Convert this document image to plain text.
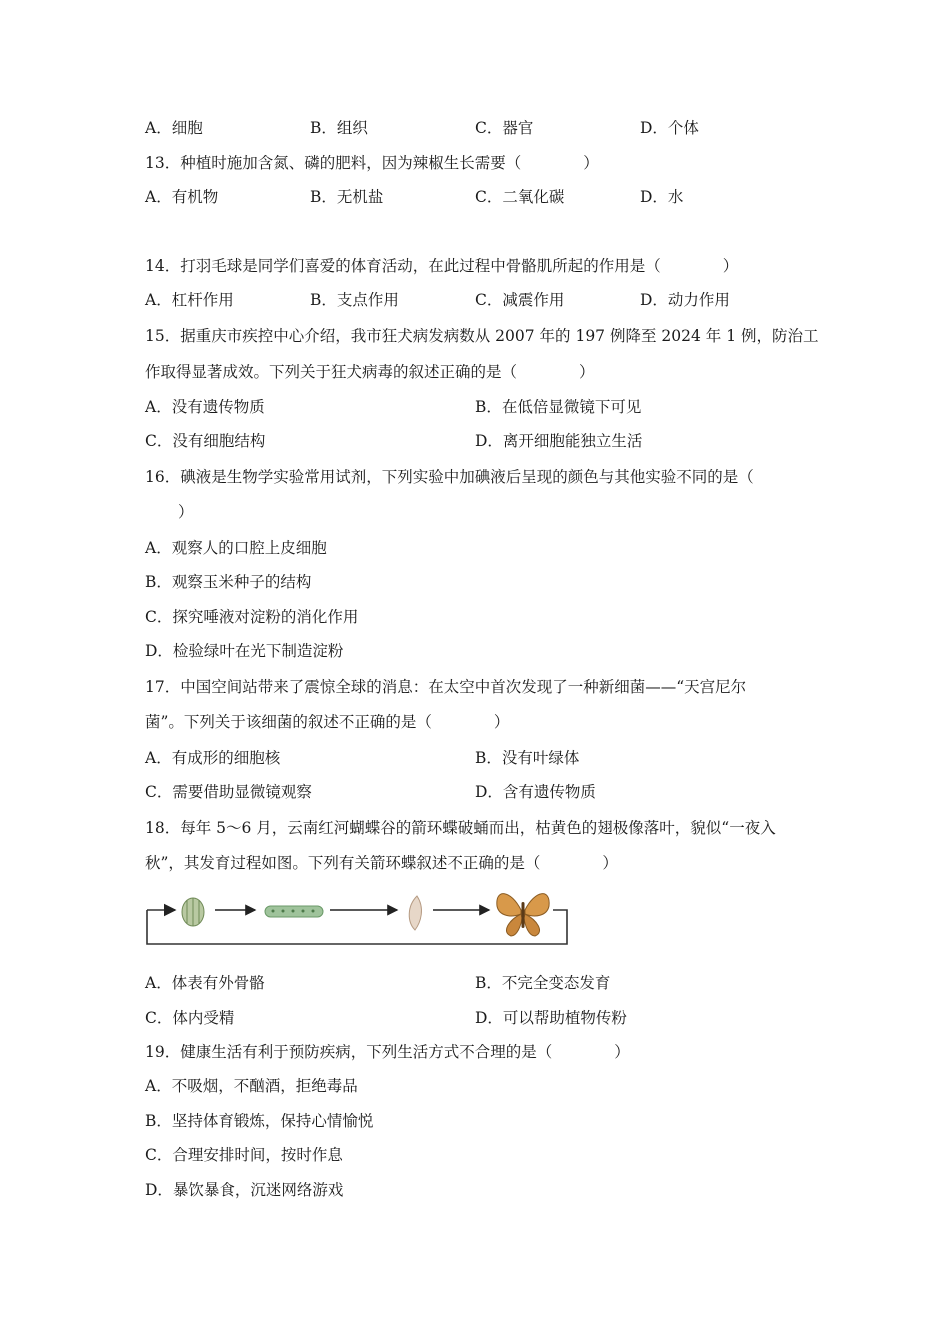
A．细胞	B．组织	C．器官	D．个体
13．种植时施加含氮、磷的肥料，因为辣椒生长需要（　　　　）
A．有机物	B．无机盐	C．二氧化碳	D．水
14．打羽毛球是同学们喜爱的体育活动，在此过程中骨骼肌所起的作用是（　　　　）
A．杠杆作用	B．支点作用	C．减震作用	D．动力作用
15．据重庆市疾控中心介绍，我市狂犬病发病数从 2007 年的 197 例降至 2024 年 1 例，防治工
作取得显著成效。下列关于狂犬病毒的叙述正确的是（　　　　）
A．没有遗传物质	B．在低倍显微镜下可见
C．没有细胞结构	D．离开细胞能独立生活
16．碘液是生物学实验常用试剂，下列实验中加碘液后呈现的颜色与其他实验不同的是（
）
A．观察人的口腔上皮细胞
B．观察玉米种子的结构
C．探究唾液对淀粉的消化作用
D．检验绿叶在光下制造淀粉
17．中国空间站带来了震惊全球的消息：在太空中首次发现了一种新细菌——“天宫尼尔
菌”。下列关于该细菌的叙述不正确的是（　　　　）
A．有成形的细胞核	B．没有叶绿体
C．需要借助显微镜观察	D．含有遗传物质
18．每年 5～6 月，云南红河蝴蝶谷的箭环蝶破蛹而出，枯黄色的翅极像落叶，貌似“一夜入
秋”，其发育过程如图。下列有关箭环蝶叙述不正确的是（　　　　）
A．体表有外骨骼	B．不完全变态发育
C．体内受精	D．可以帮助植物传粉
19．健康生活有利于预防疾病，下列生活方式不合理的是（　　　　）
A．不吸烟，不酗酒，拒绝毒品
B．坚持体育锻炼，保持心情愉悦
C．合理安排时间，按时作息
D．暴饮暴食，沉迷网络游戏
